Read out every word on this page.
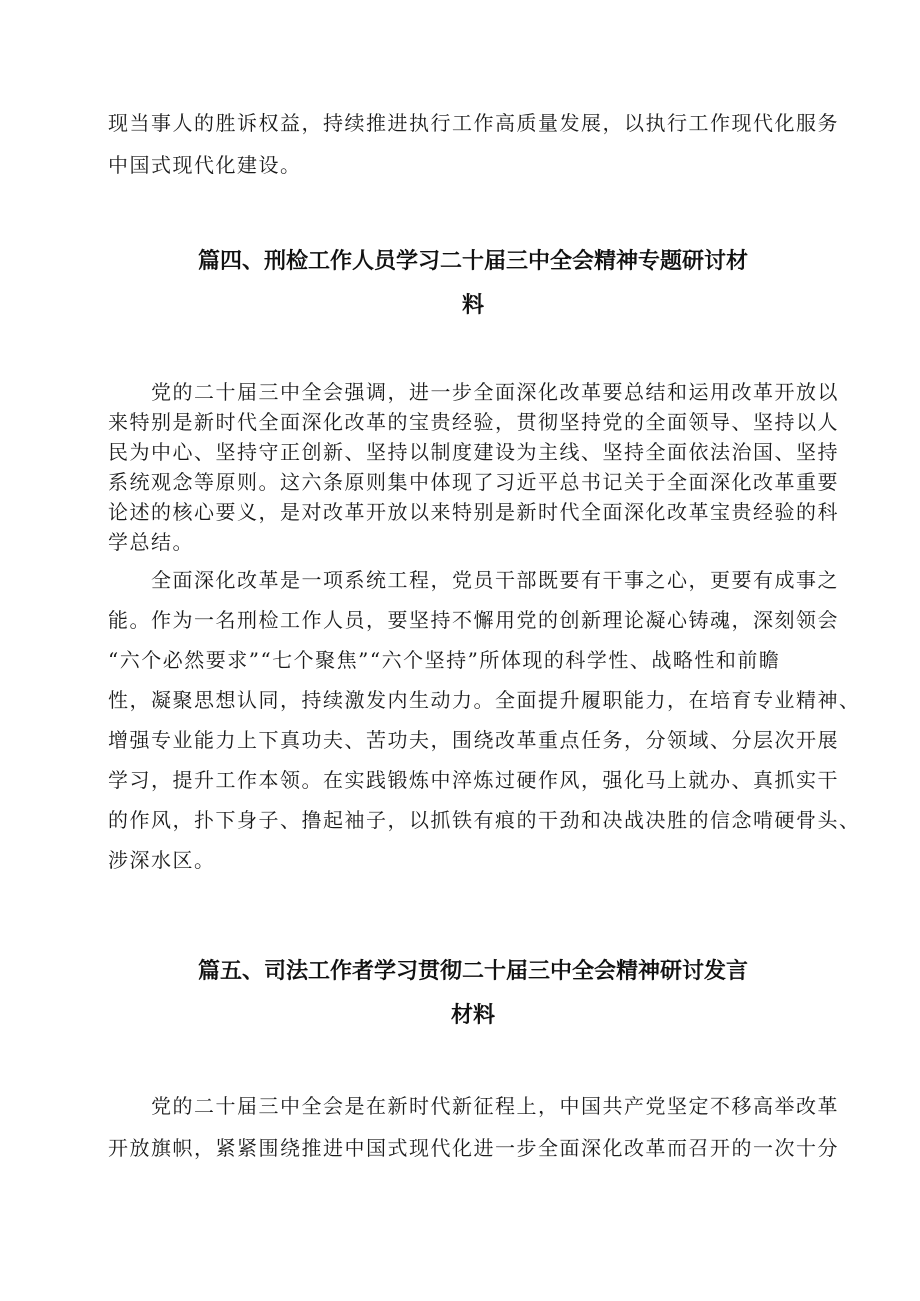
现当事人的胜诉权益，持续推进执行工作高质量发展，以执行工作现代化服务
中国式现代化建设。

篇四、刑检工作人员学习二十届三中全会精神专题研讨材
料

　　党的二十届三中全会强调，进一步全面深化改革要总结和运用改革开放以
来特别是新时代全面深化改革的宝贵经验，贯彻坚持党的全面领导、坚持以人
民为中心、坚持守正创新、坚持以制度建设为主线、坚持全面依法治国、坚持
系统观念等原则。这六条原则集中体现了习近平总书记关于全面深化改革重要
论述的核心要义，是对改革开放以来特别是新时代全面深化改革宝贵经验的科
学总结。

　　全面深化改革是一项系统工程，党员干部既要有干事之心，更要有成事之
能。作为一名刑检工作人员，要坚持不懈用党的创新理论凝心铸魂，深刻领会
“六个必然要求”“七个聚焦”“六个坚持”所体现的科学性、战略性和前瞻
性，凝聚思想认同，持续激发内生动力。全面提升履职能力，在培育专业精神、
增强专业能力上下真功夫、苦功夫，围绕改革重点任务，分领域、分层次开展
学习，提升工作本领。在实践锻炼中淬炼过硬作风，强化马上就办、真抓实干
的作风，扑下身子、撸起袖子，以抓铁有痕的干劲和决战决胜的信念啃硬骨头、
涉深水区。

篇五、司法工作者学习贯彻二十届三中全会精神研讨发言
材料

　　党的二十届三中全会是在新时代新征程上，中国共产党坚定不移高举改革
开放旗帜，紧紧围绕推进中国式现代化进一步全面深化改革而召开的一次十分
